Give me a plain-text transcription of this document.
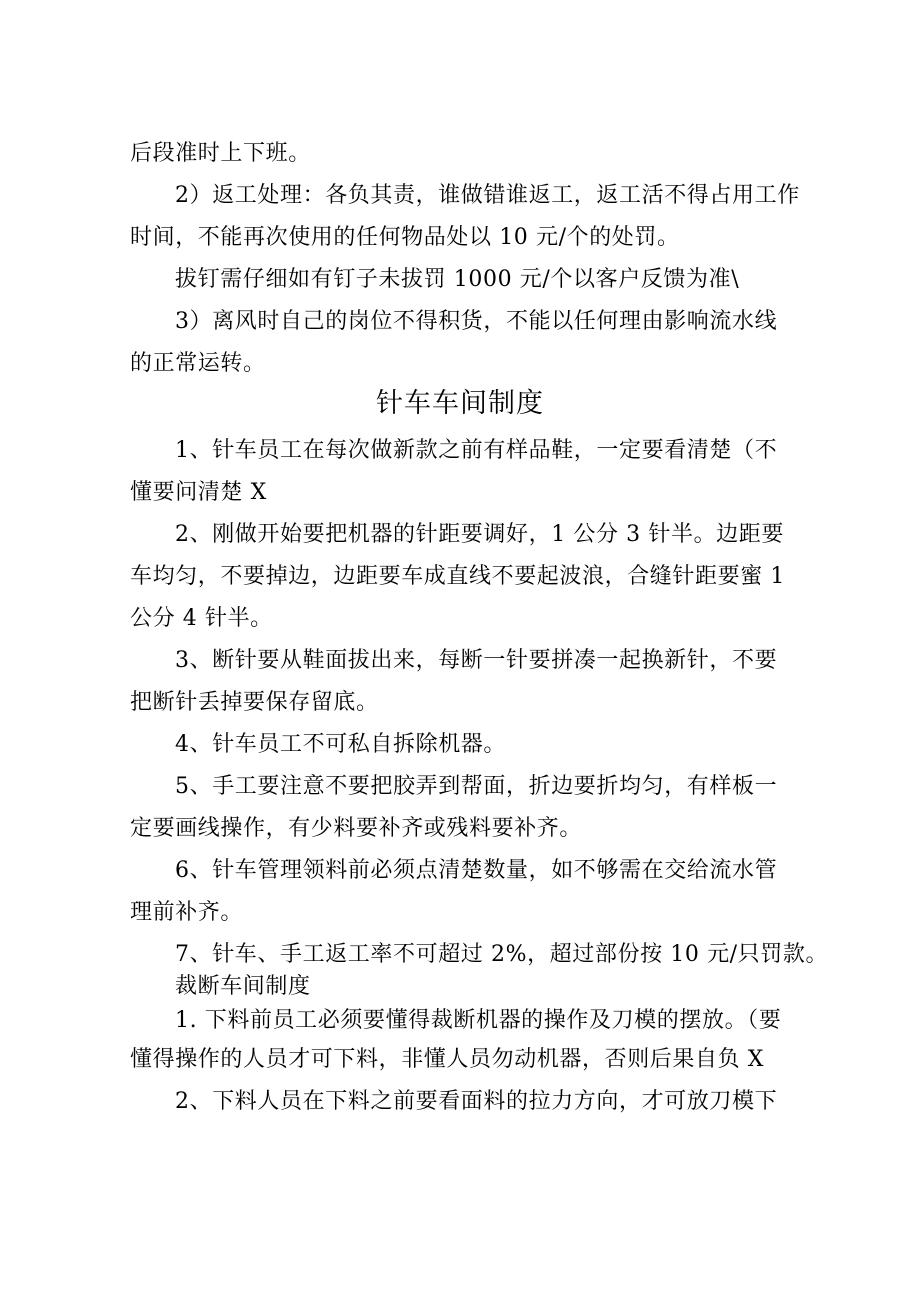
后段准时上下班。
2）返工处理：各负其责，谁做错谁返工，返工活不得占用工作
时间，不能再次使用的任何物品处以 10 元/个的处罚。
拔钉需仔细如有钉子未拔罚 1000 元/个以客户反馈为准\
3）离风时自己的岗位不得积货，不能以任何理由影响流水线
的正常运转。
针车车间制度
1、针车员工在每次做新款之前有样品鞋，一定要看清楚（不
懂要问清楚 X
2、刚做开始要把机器的针距要调好，1 公分 3 针半。边距要
车均匀，不要掉边，边距要车成直线不要起波浪，合缝针距要蜜 1
公分 4 针半。
3、断针要从鞋面拔出来，每断一针要拼凑一起换新针，不要
把断针丢掉要保存留底。
4、针车员工不可私自拆除机器。
5、手工要注意不要把胶弄到帮面，折边要折均匀，有样板一
定要画线操作，有少料要补齐或残料要补齐。
6、针车管理领料前必须点清楚数量，如不够需在交给流水管
理前补齐。
7、针车、手工返工率不可超过 2%，超过部份按 10 元/只罚款。
裁断车间制度
1. 下料前员工必须要懂得裁断机器的操作及刀模的摆放。（要
懂得操作的人员才可下料，非懂人员勿动机器，否则后果自负 X
2、下料人员在下料之前要看面料的拉力方向，才可放刀模下
